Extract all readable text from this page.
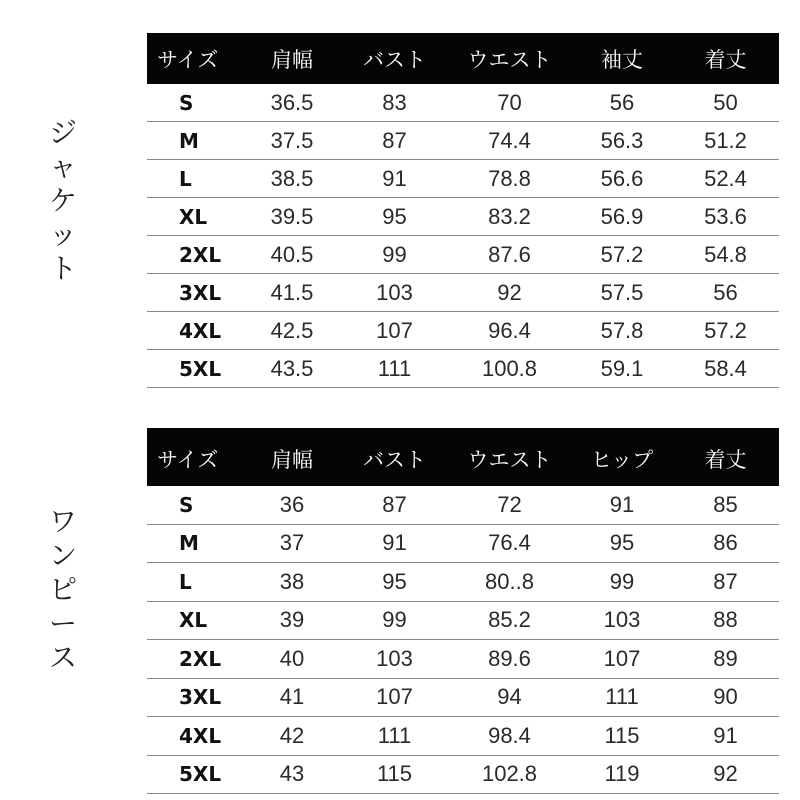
ジ
ャ
ケ
ッ
ト
サイズ	肩幅	バスト	ウエスト	袖丈	着丈
S	36.5	83	70	56	50
M	37.5	87	74.4	56.3	51.2
L	38.5	91	78.8	56.6	52.4
XL	39.5	95	83.2	56.9	53.6
2XL	40.5	99	87.6	57.2	54.8
3XL	41.5	103	92	57.5	56
4XL	42.5	107	96.4	57.8	57.2
5XL	43.5	111	100.8	59.1	58.4
ワ
ン
ピ
ー
ス
サイズ	肩幅	バスト	ウエスト	ヒップ	着丈
S	36	87	72	91	85
M	37	91	76.4	95	86
L	38	95	80..8	99	87
XL	39	99	85.2	103	88
2XL	40	103	89.6	107	89
3XL	41	107	94	111	90
4XL	42	111	98.4	115	91
5XL	43	115	102.8	119	92
